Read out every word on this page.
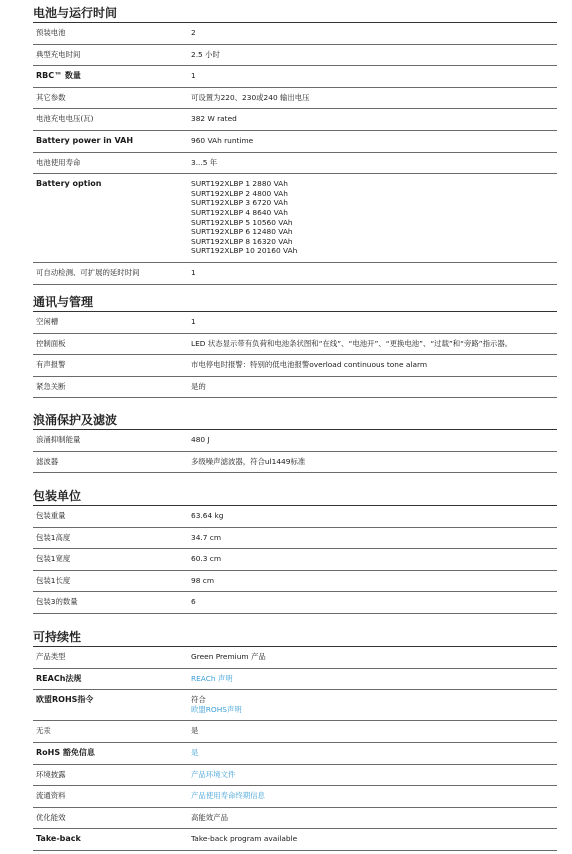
电池与运行时间
预装电池	2
典型充电时间	2.5 小时
RBC™ 数量	1
其它参数	可设置为220、230或240 输出电压
电池充电电压(瓦)	382 W rated
Battery power in VAH	960 VAh runtime
电池使用寿命	3...5 年
Battery option	SURT192XLBP 1 2880 VAh
SURT192XLBP 2 4800 VAh
SURT192XLBP 3 6720 VAh
SURT192XLBP 4 8640 VAh
SURT192XLBP 5 10560 VAh
SURT192XLBP 6 12480 VAh
SURT192XLBP 8 16320 VAh
SURT192XLBP 10 20160 VAh
可自动检测、可扩展的延时时间	1
通讯与管理
空闲槽	1
控制面板	LED 状态显示带有负荷和电池条状图和“在线”、“电池开”、“更换电池”、“过载”和“旁路”指示器。
有声报警	市电停电时报警：特别的低电池报警overload continuous tone alarm
紧急关断	是的
浪涌保护及滤波
浪涌抑制能量	480 J
滤波器	多级噪声滤波器，符合ul1449标准
包装单位
包装重量	63.64 kg
包装1高度	34.7 cm
包装1宽度	60.3 cm
包装1长度	98 cm
包装3的数量	6
可持续性
产品类型	Green Premium 产品
REACh法规	REACh 声明
欧盟ROHS指令	符合
欧盟ROHS声明
无汞	是
RoHS 豁免信息	是
环境披露	产品环境文件
流通资料	产品使用寿命终期信息
优化能效	高能效产品
Take-back	Take-back program available
